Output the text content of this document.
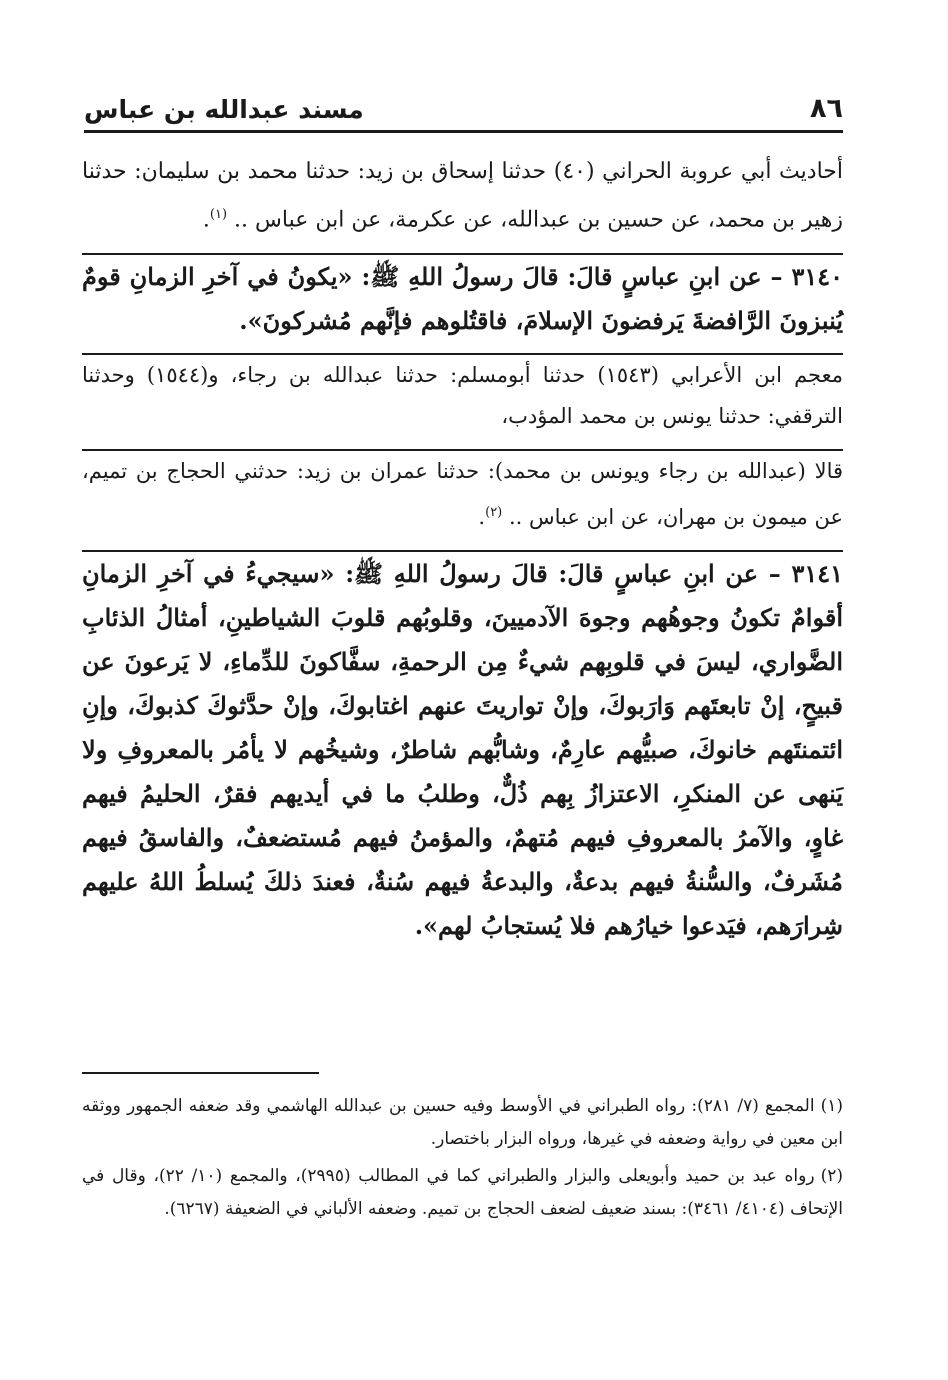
٨٦
مسند عبدالله بن عباس

أحاديث أبي عروبة الحراني (٤٠) حدثنا إسحاق بن زيد: حدثنا محمد بن سليمان: حدثنا زهير بن محمد، عن حسين بن عبدالله، عن عكرمة، عن ابن عباس .. $^{(١)}$.

٣١٤٠ – عن ابنِ عباسٍ قالَ: قالَ رسولُ اللهِ ﷺ: «يكونُ في آخرِ الزمانِ قومٌ يُنبزونَ الرَّافضةَ يَرفضونَ الإسلامَ، فاقتُلوهم فإنَّهم مُشركونَ».

معجم ابن الأعرابي (١٥٤٣) حدثنا أبومسلم: حدثنا عبدالله بن رجاء، و(١٥٤٤) وحدثنا الترقفي: حدثنا يونس بن محمد المؤدب،

قالا (عبدالله بن رجاء ويونس بن محمد): حدثنا عمران بن زيد: حدثني الحجاج بن تميم، عن ميمون بن مهران، عن ابن عباس .. $^{(٢)}$.

٣١٤١ – عن ابنِ عباسٍ قالَ: قالَ رسولُ اللهِ ﷺ: «سيجيءُ في آخرِ الزمانِ أقوامٌ تكونُ وجوهُهم وجوهَ الآدميينَ، وقلوبُهم قلوبَ الشياطينِ، أمثالُ الذئابِ الضَّواري، ليسَ في قلوبِهم شيءٌ مِن الرحمةِ، سفَّاكونَ للدِّماءِ، لا يَرعونَ عن قبيحٍ، إنْ تابعتَهم وَارَبوكَ، وإنْ تواريتَ عنهم اغتابوكَ، وإنْ حدَّثوكَ كذبوكَ، وإنِ ائتمنتَهم خانوكَ، صبيُّهم عارِمٌ، وشابُّهم شاطرٌ، وشيخُهم لا يأمُر بالمعروفِ ولا يَنهى عن المنكرِ، الاعتزازُ بِهم ذُلٌّ، وطلبُ ما في أيديهم فقرٌ، الحليمُ فيهم غاوٍ، والآمرُ بالمعروفِ فيهم مُتهمٌ، والمؤمنُ فيهم مُستضعفٌ، والفاسقُ فيهم مُشَرفٌ، والسُّنةُ فيهم بدعةٌ، والبدعةُ فيهم سُنةٌ، فعندَ ذلكَ يُسلطُ اللهُ عليهم شِرارَهم، فيَدعوا خيارُهم فلا يُستجابُ لهم».

(١)المجمع (٧/ ٢٨١): رواه الطبراني في الأوسط وفيه حسين بن عبدالله الهاشمي وقد ضعفه الجمهور ووثقه ابن معين في رواية وضعفه في غيرها، ورواه البزار باختصار.

(٢)رواه عبد بن حميد وأبويعلى والبزار والطبراني كما في المطالب (٢٩٩٥)، والمجمع (١٠/ ٢٢)، وقال في الإتحاف (٤١٠٤/ ٣٤٦١): بسند ضعيف لضعف الحجاج بن تميم. وضعفه الألباني في الضعيفة (٦٢٦٧).
